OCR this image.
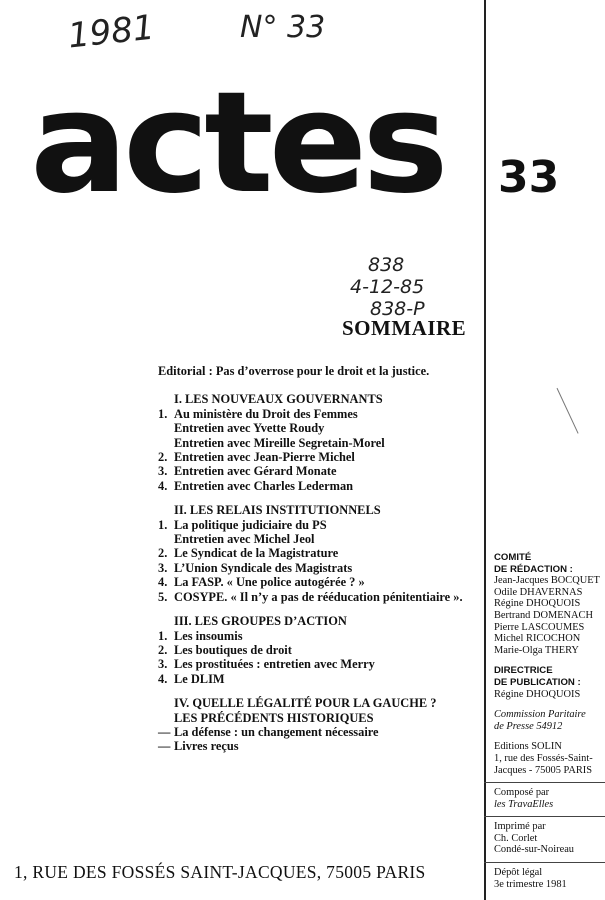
1981	N° 33
838
4-12-85
838-P
actes 33
SOMMAIRE
Editorial : Pas d’overrose pour le droit et la justice.
I. LES NOUVEAUX GOUVERNANTS
1. Au ministère du Droit des Femmes
Entretien avec Yvette Roudy
Entretien avec Mireille Segretain-Morel
2. Entretien avec Jean-Pierre Michel
3. Entretien avec Gérard Monate
4. Entretien avec Charles Lederman
II. LES RELAIS INSTITUTIONNELS
1. La politique judiciaire du PS
Entretien avec Michel Jeol
2. Le Syndicat de la Magistrature
3. L’Union Syndicale des Magistrats
4. La FASP. « Une police autogérée ? »
5. COSYPE. « Il n’y a pas de rééducation pénitentiaire ».
III. LES GROUPES D’ACTION
1. Les insoumis
2. Les boutiques de droit
3. Les prostituées : entretien avec Merry
4. Le DLIM
IV. QUELLE LÉGALITÉ POUR LA GAUCHE ?
LES PRÉCÉDENTS HISTORIQUES
— La défense : un changement nécessaire
— Livres reçus
1, RUE DES FOSSÉS SAINT-JACQUES, 75005 PARIS
COMITÉ
DE RÉDACTION :
Jean-Jacques BOCQUET
Odile DHAVERNAS
Régine DHOQUOIS
Bertrand DOMENACH
Pierre LASCOUMES
Michel RICOCHON
Marie-Olga THERY
DIRECTRICE
DE PUBLICATION :
Régine DHOQUOIS
Commission Paritaire
de Presse 54912
Editions SOLIN
1, rue des Fossés-Saint-
Jacques - 75005 PARIS
Composé par
les TravaElles
Imprimé par
Ch. Corlet
Condé-sur-Noireau
Dépôt légal
3e trimestre 1981
